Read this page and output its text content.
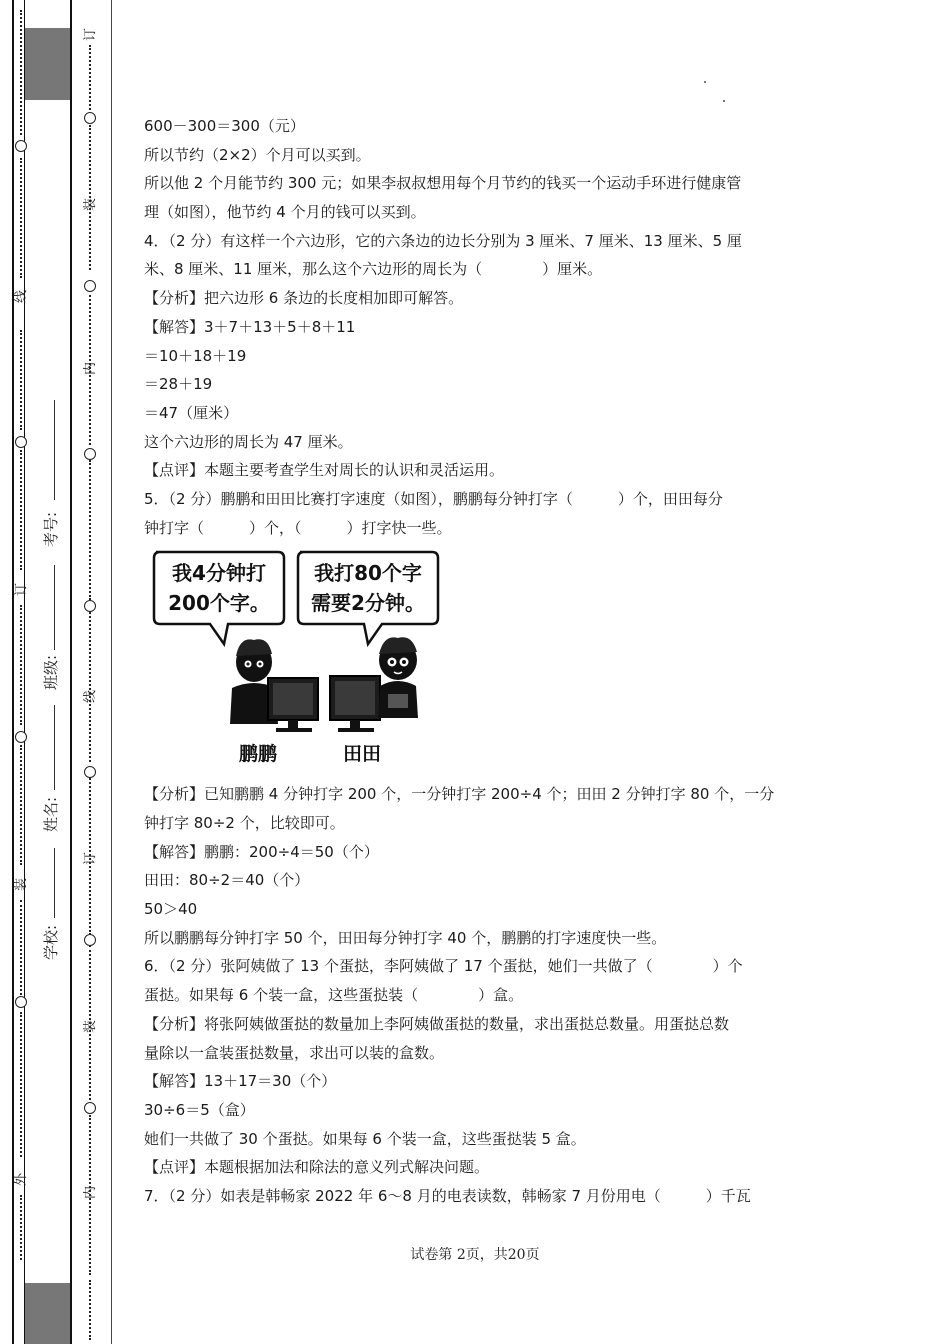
线
订
装
外
考号:
班级:
姓名:
学校:
订
装
内
线
订
装
内
600－300＝300（元）
所以节约（2×2）个月可以买到。
所以他 2 个月能节约 300 元；如果李叔叔想用每个月节约的钱买一个运动手环进行健康管
理（如图），他节约 4 个月的钱可以买到。
4．（2 分）有这样一个六边形，它的六条边的边长分别为 3 厘米、7 厘米、13 厘米、5 厘
米、8 厘米、11 厘米，那么这个六边形的周长为（　　　　）厘米。
【分析】把六边形 6 条边的长度相加即可解答。
【解答】3＋7＋13＋5＋8＋11
＝10＋18＋19
＝28＋19
＝47（厘米）
这个六边形的周长为 47 厘米。
【点评】本题主要考查学生对周长的认识和灵活运用。
5．（2 分）鹏鹏和田田比赛打字速度（如图），鹏鹏每分钟打字（　　　）个，田田每分
钟打字（　　　）个，（　　　）打字快一些。
我4分钟打
200个字。
我打80个字
需要2分钟。
鹏鹏	田田
【分析】已知鹏鹏 4 分钟打字 200 个，一分钟打字 200÷4 个；田田 2 分钟打字 80 个，一分
钟打字 80÷2 个，比较即可。
【解答】鹏鹏：200÷4＝50（个）
田田：80÷2＝40（个）
50＞40
所以鹏鹏每分钟打字 50 个，田田每分钟打字 40 个，鹏鹏的打字速度快一些。
6．（2 分）张阿姨做了 13 个蛋挞，李阿姨做了 17 个蛋挞，她们一共做了（　　　　）个
蛋挞。如果每 6 个装一盒，这些蛋挞装（　　　　）盒。
【分析】将张阿姨做蛋挞的数量加上李阿姨做蛋挞的数量，求出蛋挞总数量。用蛋挞总数
量除以一盒装蛋挞数量，求出可以装的盒数。
【解答】13＋17＝30（个）
30÷6＝5（盒）
她们一共做了 30 个蛋挞。如果每 6 个装一盒，这些蛋挞装 5 盒。
【点评】本题根据加法和除法的意义列式解决问题。
7．（2 分）如表是韩畅家 2022 年 6～8 月的电表读数，韩畅家 7 月份用电（　　　）千瓦
试卷第 2页，共20页
